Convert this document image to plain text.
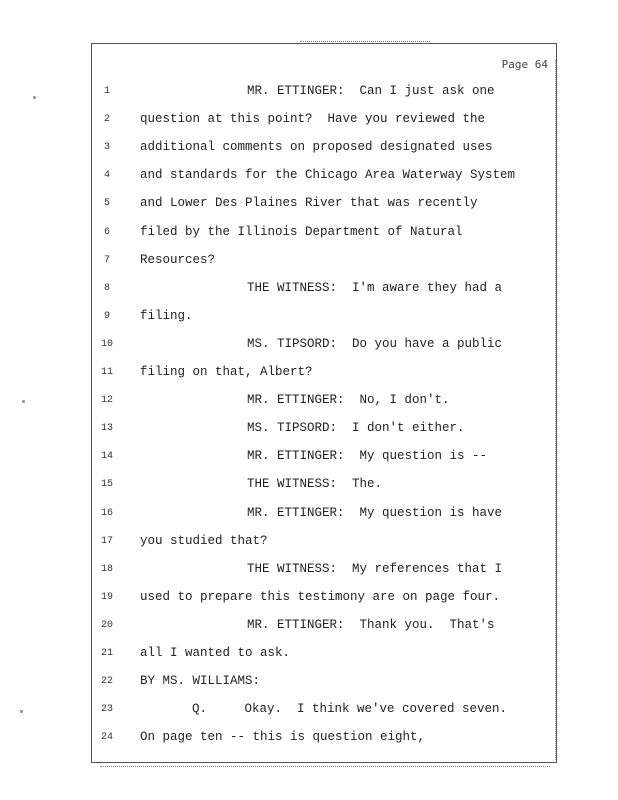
Page 64
1	MR. ETTINGER:  Can I just ask one
2	question at this point?  Have you reviewed the
3	additional comments on proposed designated uses
4	and standards for the Chicago Area Waterway System
5	and Lower Des Plaines River that was recently
6	filed by the Illinois Department of Natural
7	Resources?
8	THE WITNESS:  I'm aware they had a
9	filing.
10	MS. TIPSORD:  Do you have a public
11 filing on that, Albert?
12	MR. ETTINGER:  No, I don't.
13	MS. TIPSORD:  I don't either.
14	MR. ETTINGER:  My question is --
15	THE WITNESS:  The.
16	MR. ETTINGER:  My question is have
17 you studied that?
18	THE WITNESS:  My references that I
19 used to prepare this testimony are on page four.
20	MR. ETTINGER:  Thank you.  That's
21 all I wanted to ask.
22 BY MS. WILLIAMS:
23	Q.     Okay.  I think we've covered seven.
24 On page ten -- this is question eight,
